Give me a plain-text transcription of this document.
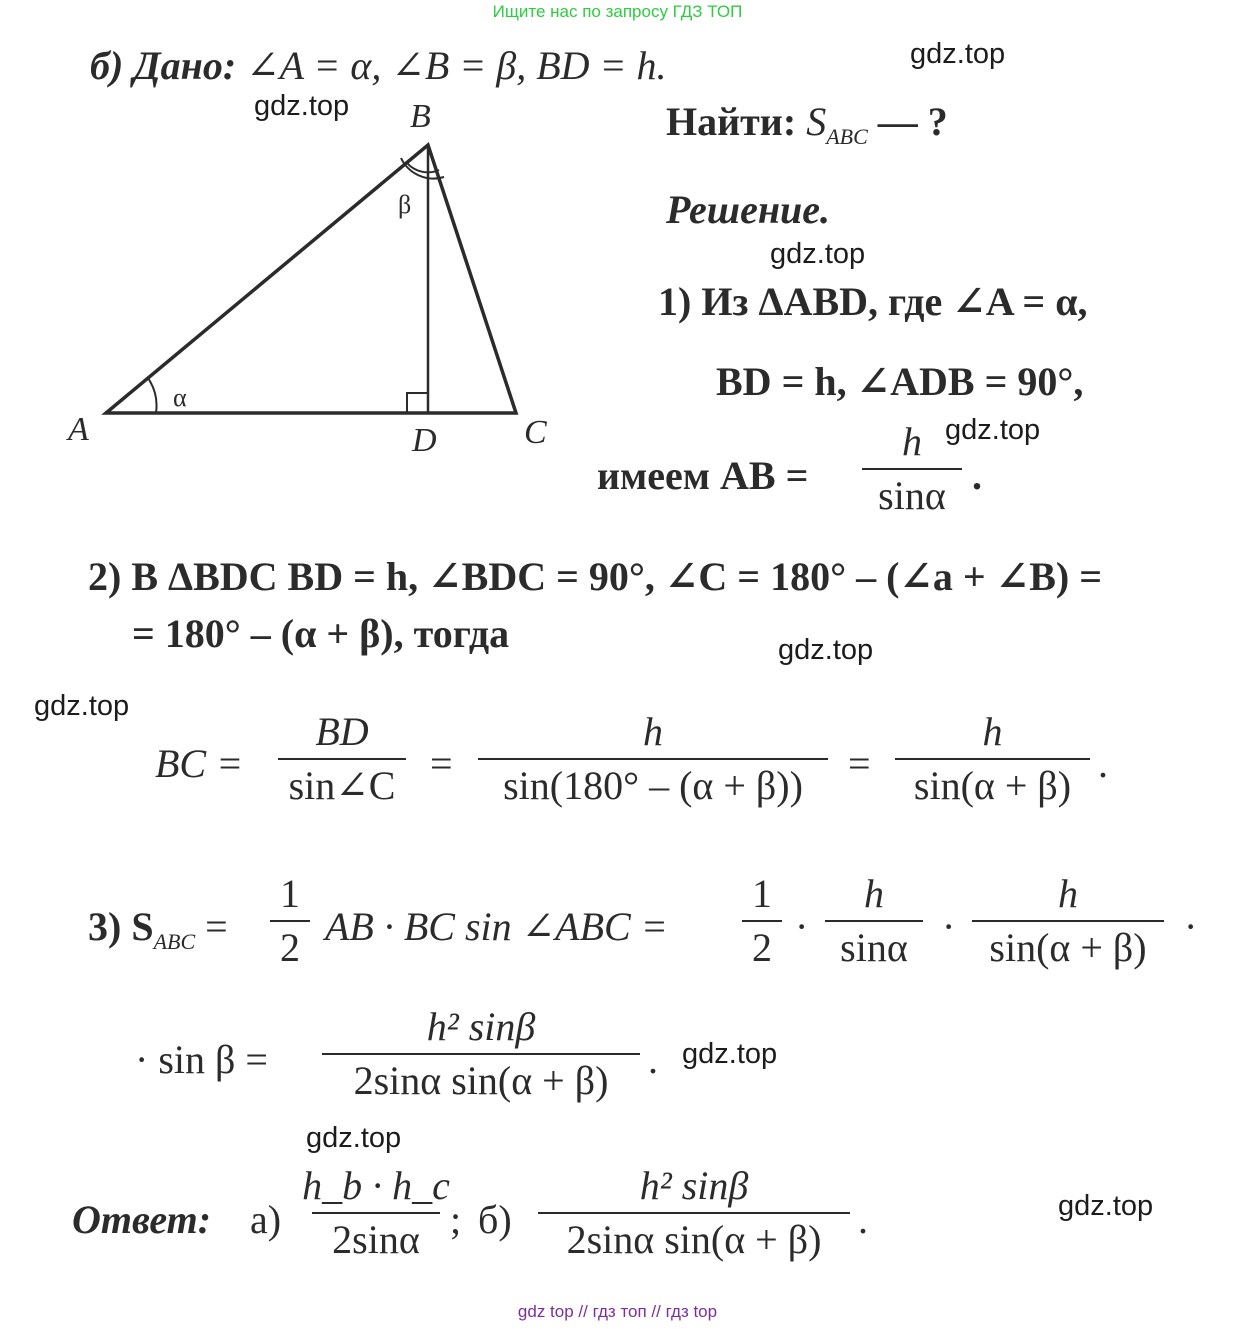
Ищите нас по запросу ГДЗ ТОП
gdz.top
gdz.top
gdz.top
gdz.top
gdz.top
gdz.top
gdz.top
gdz.top
gdz.top
б) Дано: ∠A = α, ∠B = β, BD = h.
Найти: $S_{ABC}$ — ?
Решение.
A
B
C
D
α
β
1) Из ΔABD, где ∠A = α,
BD = h, ∠ADB = 90°,
имеем AB =
h
sinα .
2) В ΔBDC BD = h, ∠BDC = 90°, ∠C = 180° – (∠a + ∠B) =
= 180° – (α + β), тогда
BC =
BD
sin∠C =
h
sin(180° – (α + β)) =
h
sin(α + β) .
3) $S_{ABC}$ =
1
2 AB · BC sin ∠ABC =
1
2 ·
h
sinα ·
h
sin(α + β) ·
· sin β =
h² sinβ
2sinα sin(α + β) .
Ответ: а)
h_b · h_c
2sinα ; б)
h² sinβ
2sinα sin(α + β) .
gdz top // гдз топ // гдз top
